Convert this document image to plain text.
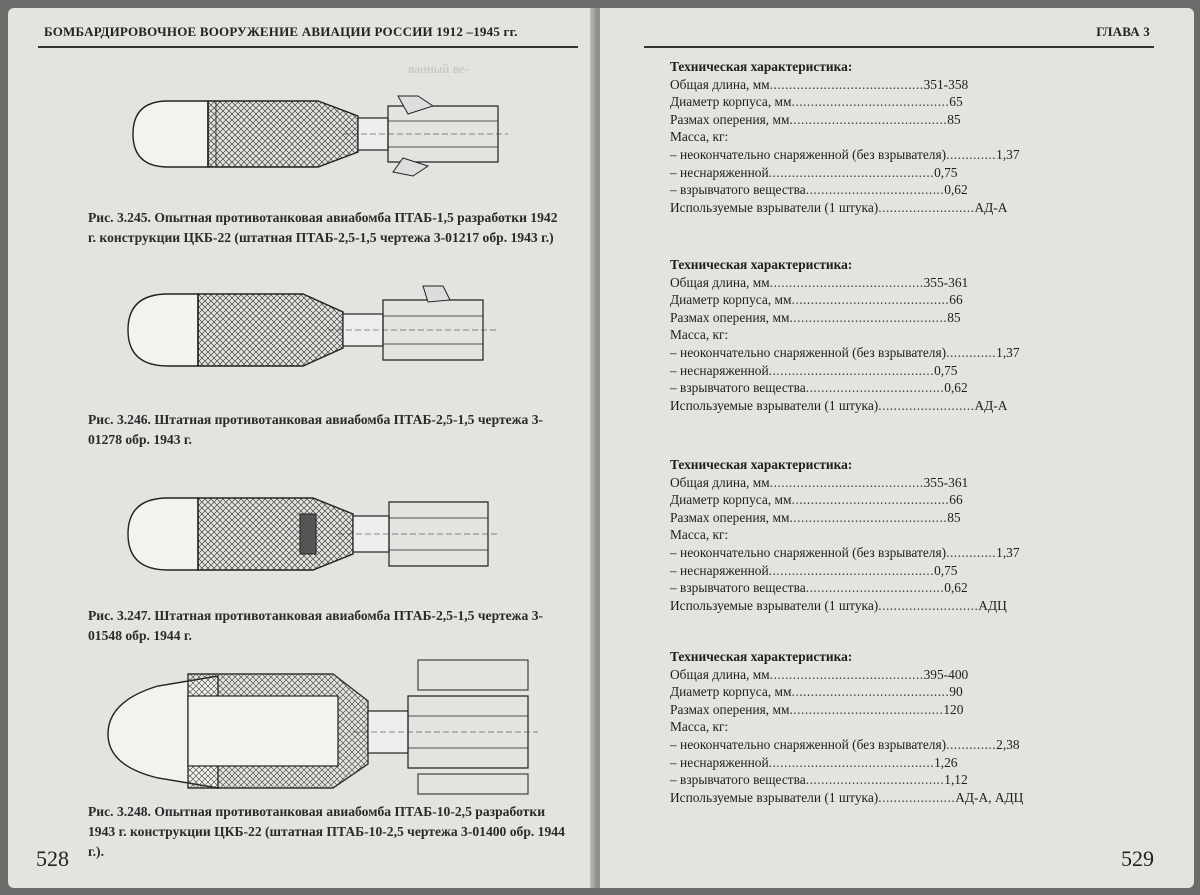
БОМБАРДИРОВОЧНОЕ ВООРУЖЕНИЕ АВИАЦИИ РОССИИ 1912 –1945 гг.
ванный ве-
Рис. 3.245. Опытная противотанковая авиабомба ПТАБ-1,5 разработки 1942 г. конструкции ЦКБ-22 (штатная ПТАБ-2,5-1,5 чертежа 3-01217 обр. 1943 г.)
Рис. 3.246. Штатная противотанковая авиабомба ПТАБ-2,5-1,5 чертежа 3-01278 обр. 1943 г.
Рис. 3.247. Штатная противотанковая авиабомба ПТАБ-2,5-1,5 чертежа 3-01548 обр. 1944 г.
Рис. 3.248. Опытная противотанковая авиабомба ПТАБ-10-2,5 разработки 1943 г. конструкции ЦКБ-22 (штатная ПТАБ-10-2,5 чертежа 3-01400 обр. 1944 г.).
528
ГЛАВА 3
Техническая характеристика:
Общая длина, мм........................................351-358
Диаметр корпуса, мм.........................................65
Размах оперения, мм.........................................85
Масса, кг:
– неокончательно снаряженной (без взрывателя).............1,37
– неснаряженной...........................................0,75
– взрывчатого вещества....................................0,62
Используемые взрыватели (1 штука).........................АД-А
Техническая характеристика:
Общая длина, мм........................................355-361
Диаметр корпуса, мм.........................................66
Размах оперения, мм.........................................85
Масса, кг:
– неокончательно снаряженной (без взрывателя).............1,37
– неснаряженной...........................................0,75
– взрывчатого вещества....................................0,62
Используемые взрыватели (1 штука).........................АД-А
Техническая характеристика:
Общая длина, мм........................................355-361
Диаметр корпуса, мм.........................................66
Размах оперения, мм.........................................85
Масса, кг:
– неокончательно снаряженной (без взрывателя).............1,37
– неснаряженной...........................................0,75
– взрывчатого вещества....................................0,62
Используемые взрыватели (1 штука)..........................АДЦ
Техническая характеристика:
Общая длина, мм........................................395-400
Диаметр корпуса, мм.........................................90
Размах оперения, мм........................................120
Масса, кг:
– неокончательно снаряженной (без взрывателя).............2,38
– неснаряженной...........................................1,26
– взрывчатого вещества....................................1,12
Используемые взрыватели (1 штука)....................АД-А, АДЦ
529
